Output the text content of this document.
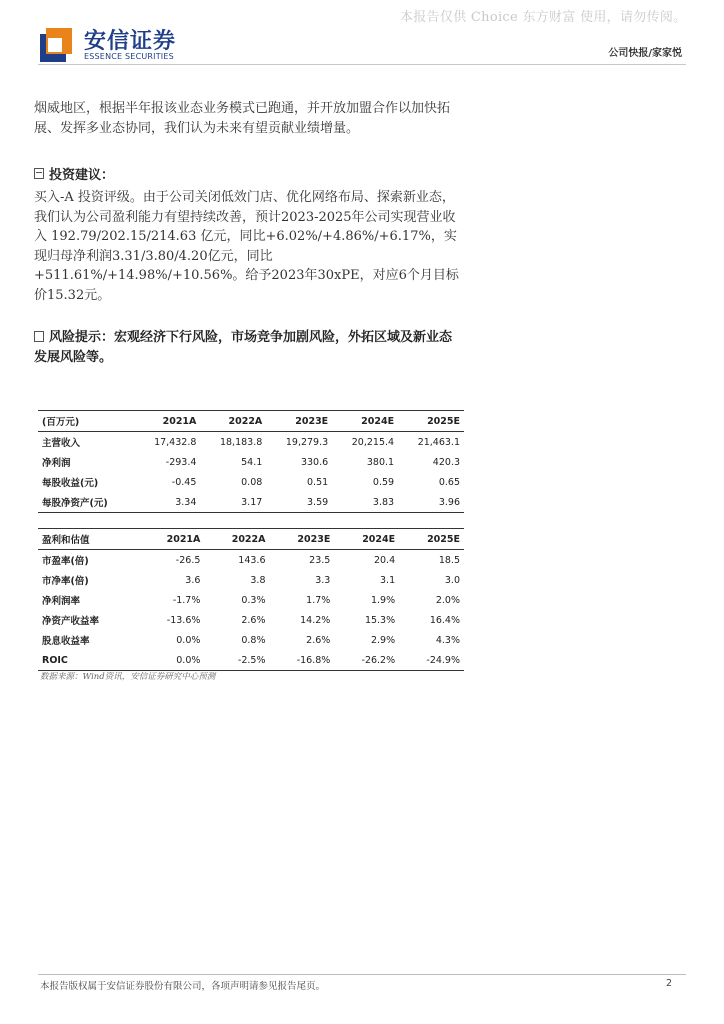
本报告仅供 Choice 东方财富 使用，请勿传阅。
安信证券
ESSENCE SECURITIES	公司快报/家家悦
烟威地区，根据半年报该业态业务模式已跑通，并开放加盟合作以加快拓展、发挥多业态协同，我们认为未来有望贡献业绩增量。
投资建议：
买入-A 投资评级。由于公司关闭低效门店、优化网络布局、探索新业态，我们认为公司盈利能力有望持续改善，预计2023-2025年公司实现营业收入 192.79/202.15/214.63 亿元，同比+6.02%/+4.86%/+6.17%，实现归母净利润3.31/3.80/4.20亿元，同比+511.61%/+14.98%/+10.56%。给予2023年30xPE，对应6个月目标价15.32元。
风险提示：宏观经济下行风险，市场竞争加剧风险，外拓区域及新业态发展风险等。
(百万元)	2021A	2022A	2023E	2024E	2025E
主营收入	17,432.8	18,183.8	19,279.3	20,215.4	21,463.1
净利润	-293.4	54.1	330.6	380.1	420.3
每股收益(元)	-0.45	0.08	0.51	0.59	0.65
每股净资产(元)	3.34	3.17	3.59	3.83	3.96
盈利和估值	2021A	2022A	2023E	2024E	2025E
市盈率(倍)	-26.5	143.6	23.5	20.4	18.5
市净率(倍)	3.6	3.8	3.3	3.1	3.0
净利润率	-1.7%	0.3%	1.7%	1.9%	2.0%
净资产收益率	-13.6%	2.6%	14.2%	15.3%	16.4%
股息收益率	0.0%	0.8%	2.6%	2.9%	4.3%
ROIC	0.0%	-2.5%	-16.8%	-26.2%	-24.9%
数据来源：Wind资讯，安信证券研究中心预测
本报告版权属于安信证券股份有限公司，各项声明请参见报告尾页。	2
